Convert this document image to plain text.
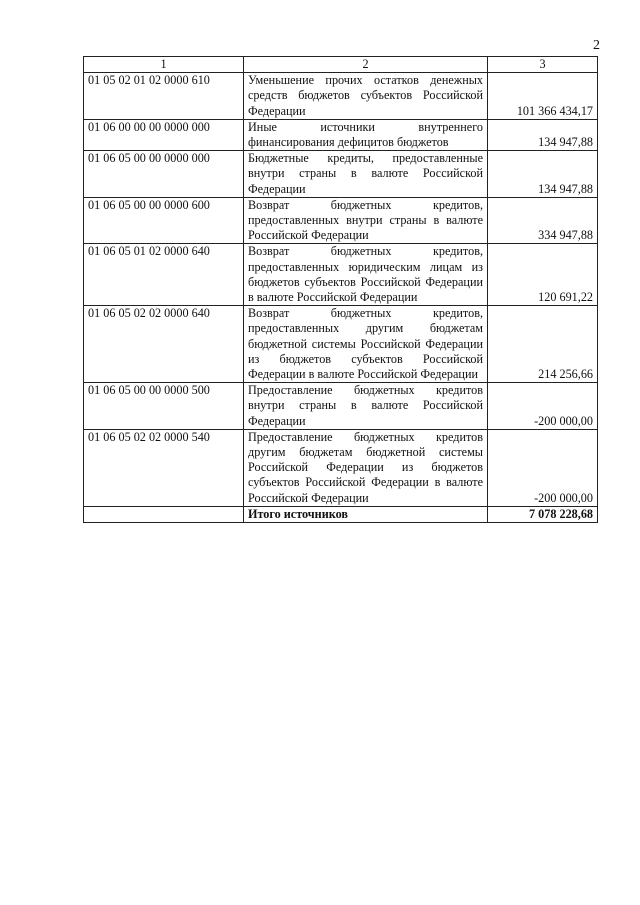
2
1	2	3
01 05 02 01 02 0000 610	Уменьшение прочих остатков денежных средств бюджетов субъектов Российской Федерации	101 366 434,17
01 06 00 00 00 0000 000	Иные источники внутреннего финансирования дефицитов бюджетов	134 947,88
01 06 05 00 00 0000 000	Бюджетные кредиты, предоставленные внутри страны в валюте Российской Федерации	134 947,88
01 06 05 00 00 0000 600	Возврат бюджетных кредитов, предоставленных внутри страны в валюте Российской Федерации	334 947,88
01 06 05 01 02 0000 640	Возврат бюджетных кредитов, предоставленных юридическим лицам из бюджетов субъектов Российской Федерации в валюте Российской Федерации	120 691,22
01 06 05 02 02 0000 640	Возврат бюджетных кредитов, предоставленных другим бюджетам бюджетной системы Российской Федерации из бюджетов субъектов Российской Федерации в валюте Российской Федерации	214 256,66
01 06 05 00 00 0000 500	Предоставление бюджетных кредитов внутри страны в валюте Российской Федерации	-200 000,00
01 06 05 02 02 0000 540	Предоставление бюджетных кредитов другим бюджетам бюджетной системы Российской Федерации из бюджетов субъектов Российской Федерации в валюте Российской Федерации	-200 000,00
	Итого источников	7 078 228,68
